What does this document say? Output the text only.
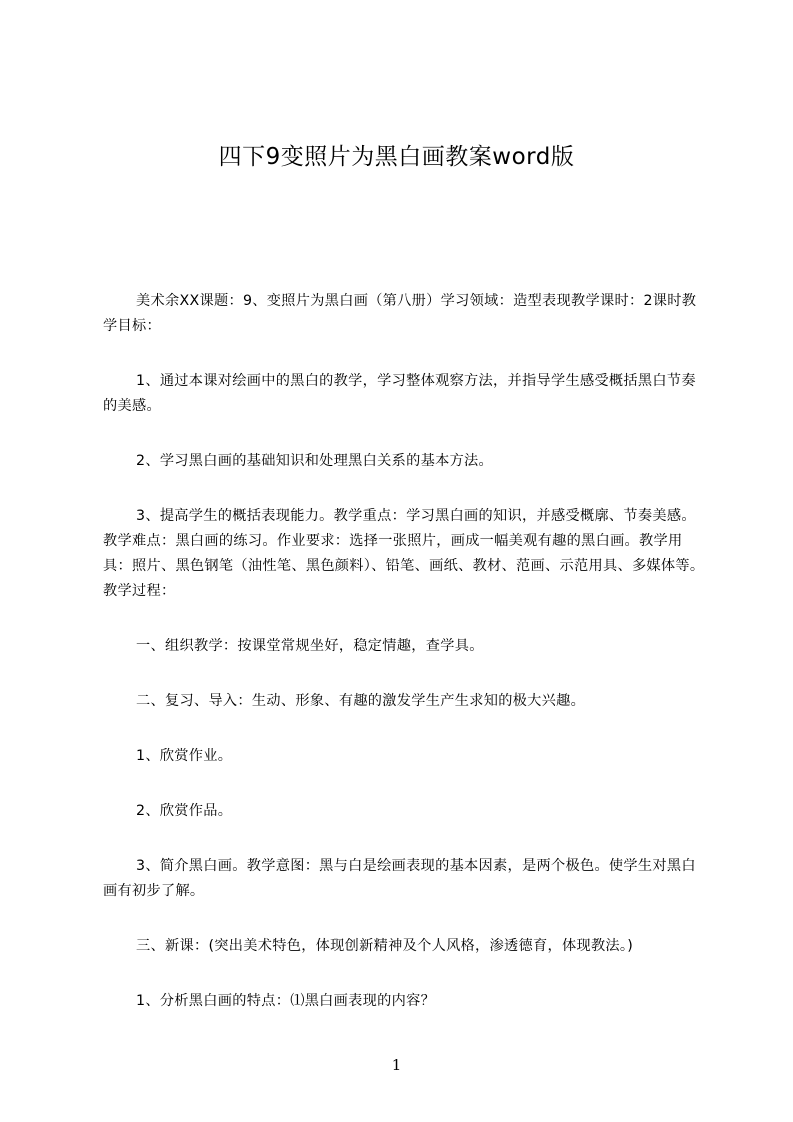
四下9变照片为黑白画教案word版

美术余XX课题：9、变照片为黑白画（第八册）学习领域：造型表现教学课时：2课时教学目标：

1、通过本课对绘画中的黑白的教学，学习整体观察方法，并指导学生感受概括黑白节奏的美感。

2、学习黑白画的基础知识和处理黑白关系的基本方法。

3、提高学生的概括表现能力。教学重点：学习黑白画的知识，并感受概廓、节奏美感。教学难点：黑白画的练习。作业要求：选择一张照片，画成一幅美观有趣的黑白画。教学用具：照片、黑色钢笔（油性笔、黑色颜料）、铅笔、画纸、教材、范画、示范用具、多媒体等。教学过程：

一、组织教学：按课堂常规坐好，稳定情趣，查学具。

二、复习、导入：生动、形象、有趣的激发学生产生求知的极大兴趣。

1、欣赏作业。

2、欣赏作品。

3、简介黑白画。教学意图：黑与白是绘画表现的基本因素，是两个极色。使学生对黑白画有初步了解。

三、新课：(突出美术特色，体现创新精神及个人风格，渗透德育，体现教法。)

1、分析黑白画的特点：⑴黑白画表现的内容？

1
